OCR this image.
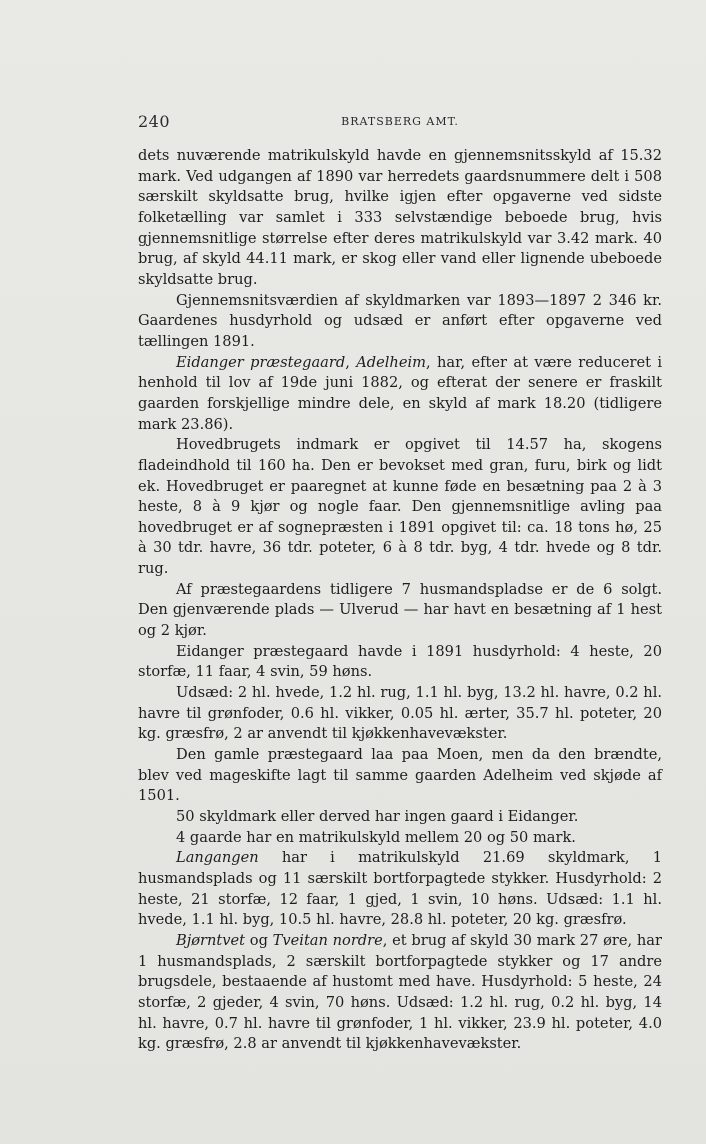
240	BRATSBERG AMT.

dets nuværende matrikulskyld havde en gjennemsnitsskyld af 15.32 mark. Ved udgangen af 1890 var herredets gaardsnummere delt i 508 særskilt skyldsatte brug, hvilke igjen efter opgaverne ved sidste folketælling var samlet i 333 selvstændige beboede brug, hvis gjennemsnitlige størrelse efter deres matrikulskyld var 3.42 mark. 40 brug, af skyld 44.11 mark, er skog eller vand eller lignende ubeboede skyldsatte brug.

Gjennemsnitsværdien af skyldmarken var 1893—1897 2 346 kr. Gaardenes husdyrhold og udsæd er anført efter opgaverne ved tællingen 1891.

Eidanger præstegaard, Adelheim, har, efter at være reduceret i henhold til lov af 19de juni 1882, og efterat der senere er fraskilt gaarden forskjellige mindre dele, en skyld af mark 18.20 (tidligere mark 23.86).

Hovedbrugets indmark er opgivet til 14.57 ha, skogens fladeindhold til 160 ha. Den er bevokset med gran, furu, birk og lidt ek. Hovedbruget er paaregnet at kunne føde en besætning paa 2 à 3 heste, 8 à 9 kjør og nogle faar. Den gjennemsnitlige avling paa hovedbruget er af sognepræsten i 1891 opgivet til: ca. 18 tons hø, 25 à 30 tdr. havre, 36 tdr. poteter, 6 à 8 tdr. byg, 4 tdr. hvede og 8 tdr. rug.

Af præstegaardens tidligere 7 husmandspladse er de 6 solgt. Den gjenværende plads — Ulverud — har havt en besætning af 1 hest og 2 kjør.

Eidanger præstegaard havde i 1891 husdyrhold: 4 heste, 20 storfæ, 11 faar, 4 svin, 59 høns.

Udsæd: 2 hl. hvede, 1.2 hl. rug, 1.1 hl. byg, 13.2 hl. havre, 0.2 hl. havre til grønfoder, 0.6 hl. vikker, 0.05 hl. ærter, 35.7 hl. poteter, 20 kg. græsfrø, 2 ar anvendt til kjøkkenhavevækster.

Den gamle præstegaard laa paa Moen, men da den brændte, blev ved mageskifte lagt til samme gaarden Adelheim ved skjøde af 1501.

50 skyldmark eller derved har ingen gaard i Eidanger.

4 gaarde har en matrikulskyld mellem 20 og 50 mark.

Langangen har i matrikulskyld 21.69 skyldmark, 1 husmandsplads og 11 særskilt bortforpagtede stykker. Husdyrhold: 2 heste, 21 storfæ, 12 faar, 1 gjed, 1 svin, 10 høns. Udsæd: 1.1 hl. hvede, 1.1 hl. byg, 10.5 hl. havre, 28.8 hl. poteter, 20 kg. græsfrø.

Bjørntvet og Tveitan nordre, et brug af skyld 30 mark 27 øre, har 1 husmandsplads, 2 særskilt bortforpagtede stykker og 17 andre brugsdele, bestaaende af hustomt med have. Husdyrhold: 5 heste, 24 storfæ, 2 gjeder, 4 svin, 70 høns. Udsæd: 1.2 hl. rug, 0.2 hl. byg, 14 hl. havre, 0.7 hl. havre til grønfoder, 1 hl. vikker, 23.9 hl. poteter, 4.0 kg. græsfrø, 2.8 ar anvendt til kjøkkenhavevækster.
